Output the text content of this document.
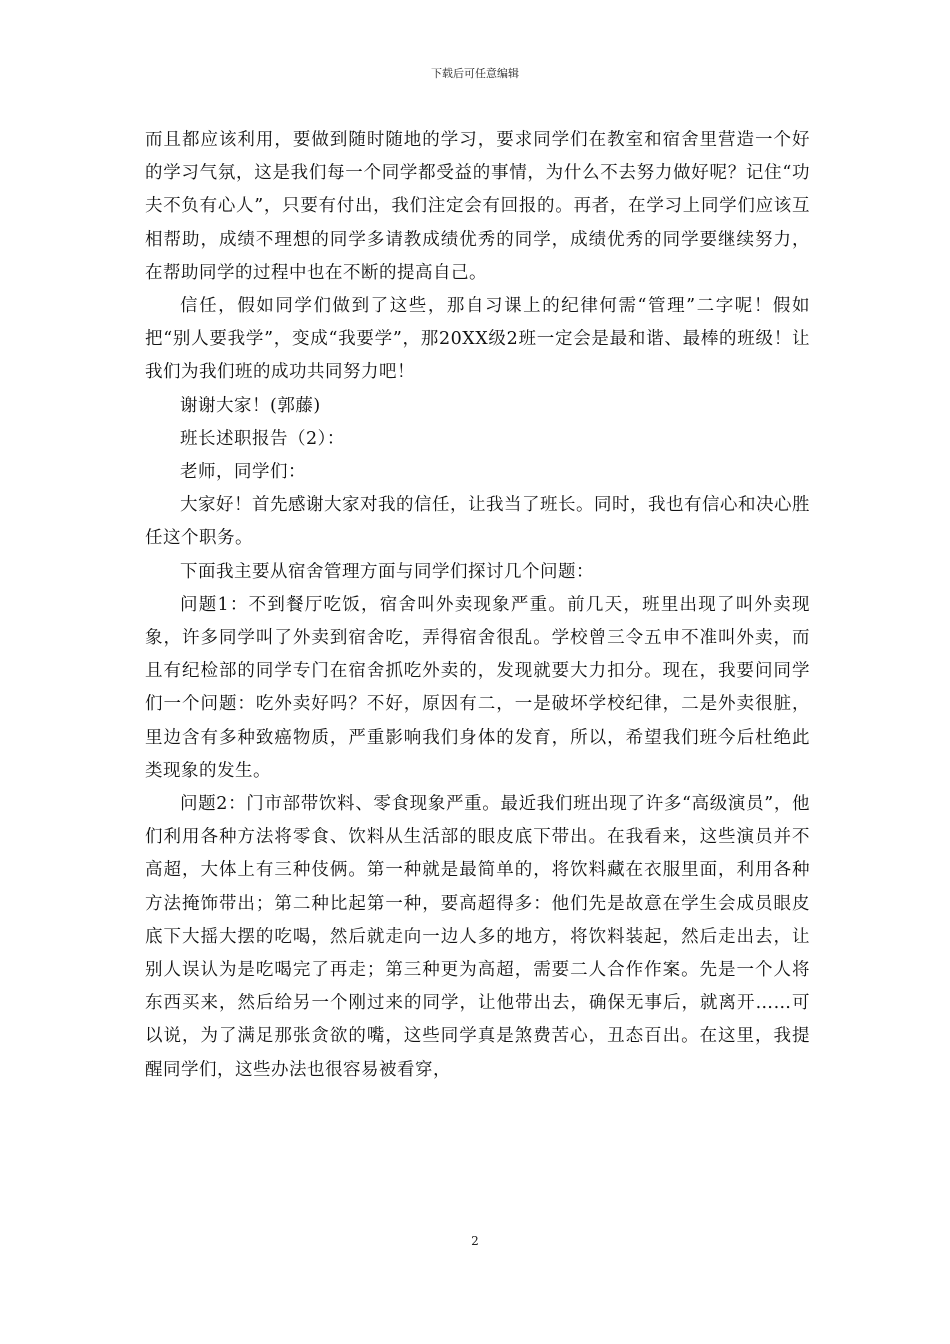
下载后可任意编辑

而且都应该利用，要做到随时随地的学习，要求同学们在教室和宿舍里营造一个好的学习气氛，这是我们每一个同学都受益的事情，为什么不去努力做好呢？记住“功夫不负有心人”，只要有付出，我们注定会有回报的。再者，在学习上同学们应该互相帮助，成绩不理想的同学多请教成绩优秀的同学，成绩优秀的同学要继续努力，在帮助同学的过程中也在不断的提高自己。

信任，假如同学们做到了这些，那自习课上的纪律何需“管理”二字呢！假如把“别人要我学”，变成“我要学”，那20XX级2班一定会是最和谐、最棒的班级！让我们为我们班的成功共同努力吧！

谢谢大家！(郭藤)

班长述职报告（2）：

老师，同学们：

大家好！首先感谢大家对我的信任，让我当了班长。同时，我也有信心和决心胜任这个职务。

下面我主要从宿舍管理方面与同学们探讨几个问题：

问题1：不到餐厅吃饭，宿舍叫外卖现象严重。前几天，班里出现了叫外卖现象，许多同学叫了外卖到宿舍吃，弄得宿舍很乱。学校曾三令五申不准叫外卖，而且有纪检部的同学专门在宿舍抓吃外卖的，发现就要大力扣分。现在，我要问同学们一个问题：吃外卖好吗？不好，原因有二，一是破坏学校纪律，二是外卖很脏，里边含有多种致癌物质，严重影响我们身体的发育，所以，希望我们班今后杜绝此类现象的发生。

问题2：门市部带饮料、零食现象严重。最近我们班出现了许多“高级演员”，他们利用各种方法将零食、饮料从生活部的眼皮底下带出。在我看来，这些演员并不高超，大体上有三种伎俩。第一种就是最简单的，将饮料藏在衣服里面，利用各种方法掩饰带出；第二种比起第一种，要高超得多：他们先是故意在学生会成员眼皮底下大摇大摆的吃喝，然后就走向一边人多的地方，将饮料装起，然后走出去，让别人误认为是吃喝完了再走；第三种更为高超，需要二人合作作案。先是一个人将东西买来，然后给另一个刚过来的同学，让他带出去，确保无事后，就离开……可以说，为了满足那张贪欲的嘴，这些同学真是煞费苦心，丑态百出。在这里，我提醒同学们，这些办法也很容易被看穿，

2
